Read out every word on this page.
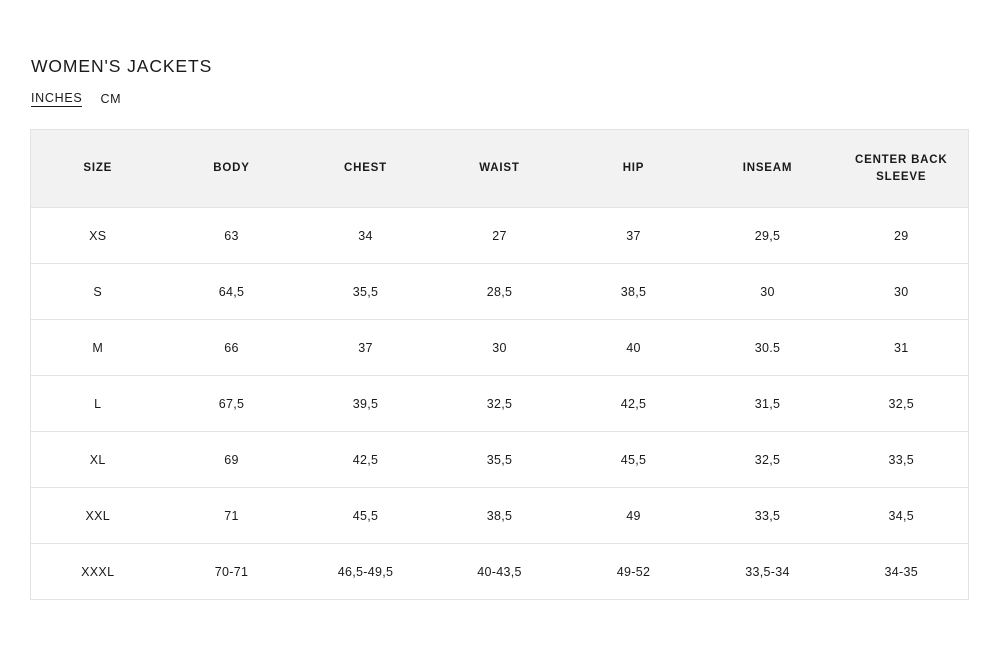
WOMEN'S JACKETS
INCHES CM
SIZE	BODY	CHEST	WAIST	HIP	INSEAM	CENTER BACK SLEEVE
XS	63	34	27	37	29,5	29
S	64,5	35,5	28,5	38,5	30	30
M	66	37	30	40	30.5	31
L	67,5	39,5	32,5	42,5	31,5	32,5
XL	69	42,5	35,5	45,5	32,5	33,5
XXL	71	45,5	38,5	49	33,5	34,5
XXXL	70-71	46,5-49,5	40-43,5	49-52	33,5-34	34-35
